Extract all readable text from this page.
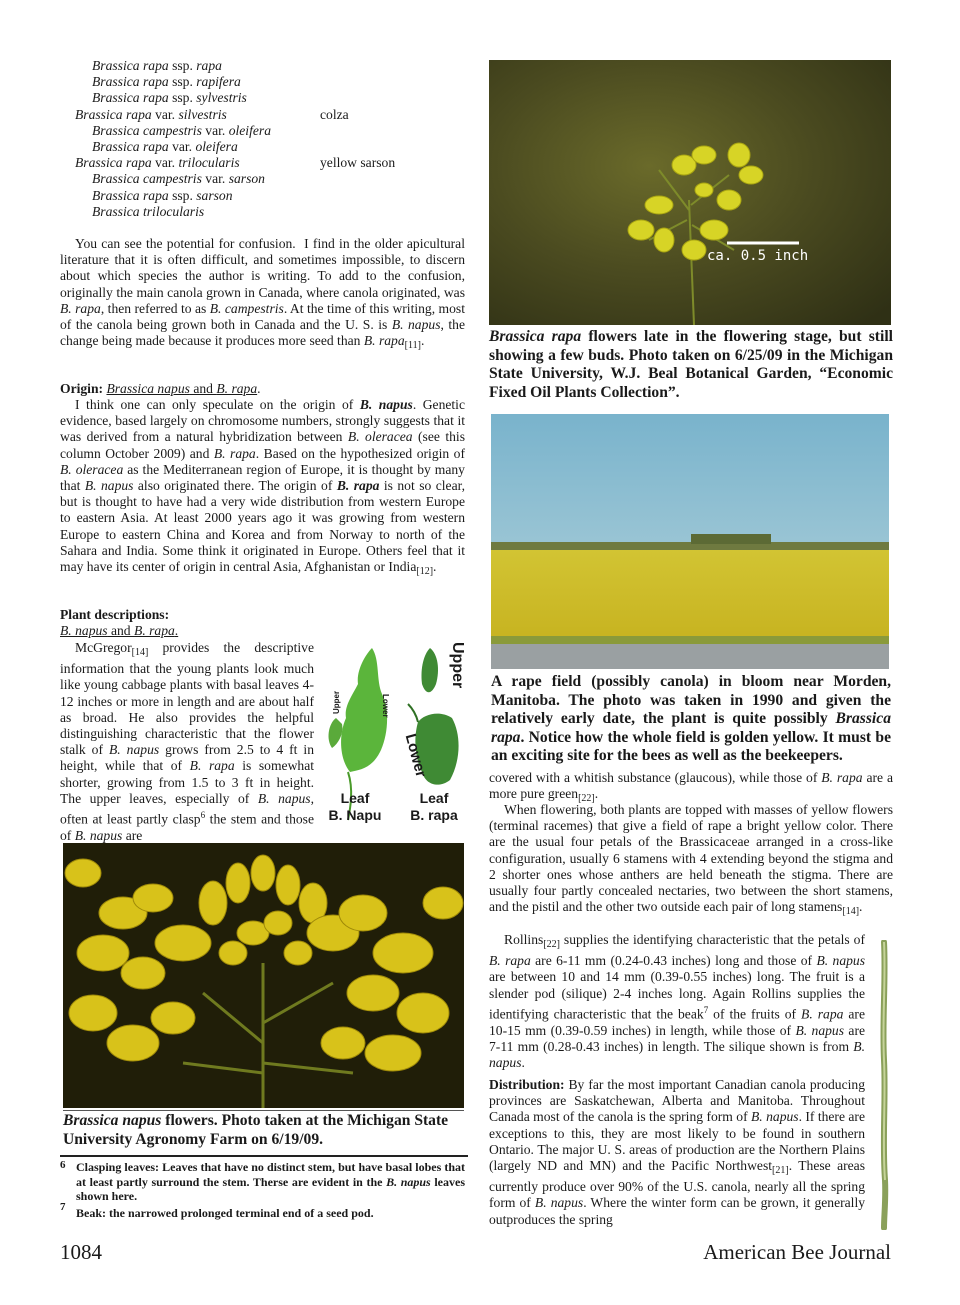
Brassica rapa ssp. rapa
Brassica rapa ssp. rapifera
Brassica rapa ssp. sylvestris
Brassica rapa var. silvestris	colza
Brassica campestris var. oleifera
Brassica rapa var. oleifera
Brassica rapa var. trilocularis	yellow sarson
Brassica campestris var. sarson
Brassica rapa ssp. sarson
Brassica trilocularis
You can see the potential for confusion.  I find in the older apicultural literature that it is often difficult, and sometimes impossible, to discern about which species the author is writing. To add to the confusion, originally the main canola grown in Canada, where canola originated, was B. rapa, then referred to as B. campestris. At the time of this writing, most of the canola being grown both in Canada and the U. S. is B. napus, the change being made because it produces more seed than B. rapa$_{[11]}$.
Origin: Brassica napus and B. rapa.
I think one can only speculate on the origin of B. napus. Genetic evidence, based largely on chromosome numbers, strongly suggests that it was derived from a natural hybridization between B. oleracea (see this column October 2009) and B. rapa. Based on the hypothesized origin of B. oleracea as the Mediterranean region of Europe, it is thought by many that B. napus also originated there. The origin of B. rapa is not so clear, but is thought to have had a very wide distribution from western Europe to eastern Asia. At least 2000 years ago it was growing from western Europe to eastern China and Korea and from Norway to north of the Sahara and India. Some think it originated in Europe. Others feel that it may have its center of origin in central Asia, Afghanistan or India$_{[12]}$.
Plant descriptions:
B. napus and B. rapa.
McGregor$_{[14]}$ provides the descriptive information that the young plants look much like young cabbage plants with basal leaves 4-12 inches or more in length and are about half as broad. He also provides the helpful distinguishing characteristic that the flower stalk of B. napus grows from 2.5 to 4 ft in height, while that of B. rapa is somewhat shorter, growing from 1.5 to 3 ft in height. The upper leaves, especially of B. napus, often at least partly clasp$^6$ the stem and those of B. napus are
Lower
Upper
Upper
Lower
Leaf
B. Napu
Leaf
B. rapa
Brassica napus flowers. Photo taken at the Michigan State University Agronomy Farm on 6/19/09.
6 Clasping leaves: Leaves that have no distinct stem, but have basal lobes that at least partly surround the stem. Therse are evident in the B. napus leaves shown here.
7 Beak: the narrowed prolonged terminal end of a seed pod.
ca. 0.5 inch
Brassica rapa flowers late in the flowering stage, but still showing a few buds. Photo taken on 6/25/09 in the Michigan State University, W.J. Beal Botanical Garden, “Economic Fixed Oil Plants Collection”.
A rape field (possibly canola) in bloom near Morden, Manitoba. The photo was taken in 1990 and given the relatively early date, the plant is quite possibly Brassica rapa. Notice how the whole field is golden yellow. It must be an exciting site for the bees as well as the beekeepers.
covered with a whitish substance (glaucous), while those of B. rapa are a more pure green$_{[22]}$.
When flowering, both plants are topped with masses of yellow flowers (terminal racemes) that give a field of rape a bright yellow color. There are the usual four petals of the Brassicaceae arranged in a cross-like configuration, usually 6 stamens with 4 extending beyond the stigma and 2 shorter ones whose anthers are held beneath the stigma. There are usually four partly concealed nectaries, two between the short stamens, and the pistil and the other two outside each pair of long stamens$_{[14]}$.
Rollins$_{[22]}$ supplies the identifying characteristic that the petals of B. rapa are 6-11 mm (0.24-0.43 inches) long and those of B. napus are between 10 and 14 mm (0.39-0.55 inches) long. The fruit is a slender pod (silique) 2-4 inches long. Again Rollins supplies the identifying characteristic that the beak$^7$ of the fruits of B. rapa are 10-15 mm (0.39-0.59 inches) in length, while those of B. napus are 7-11 mm (0.28-0.43 inches) in length. The silique shown is from B. napus.
Distribution: By far the most important Canadian canola producing provinces are Saskatchewan, Alberta and Manitoba. Throughout Canada most of the canola is the spring form of B. napus. If there are exceptions to this, they are most likely to be found in southern Ontario. The major U. S. areas of production are the Northern Plains (largely ND and MN) and the Pacific Northwest$_{[21]}$. These areas currently produce over 90% of the U.S. canola, nearly all the spring form of B. napus. Where the winter form can be grown, it generally outproduces the spring
1084	American Bee Journal
